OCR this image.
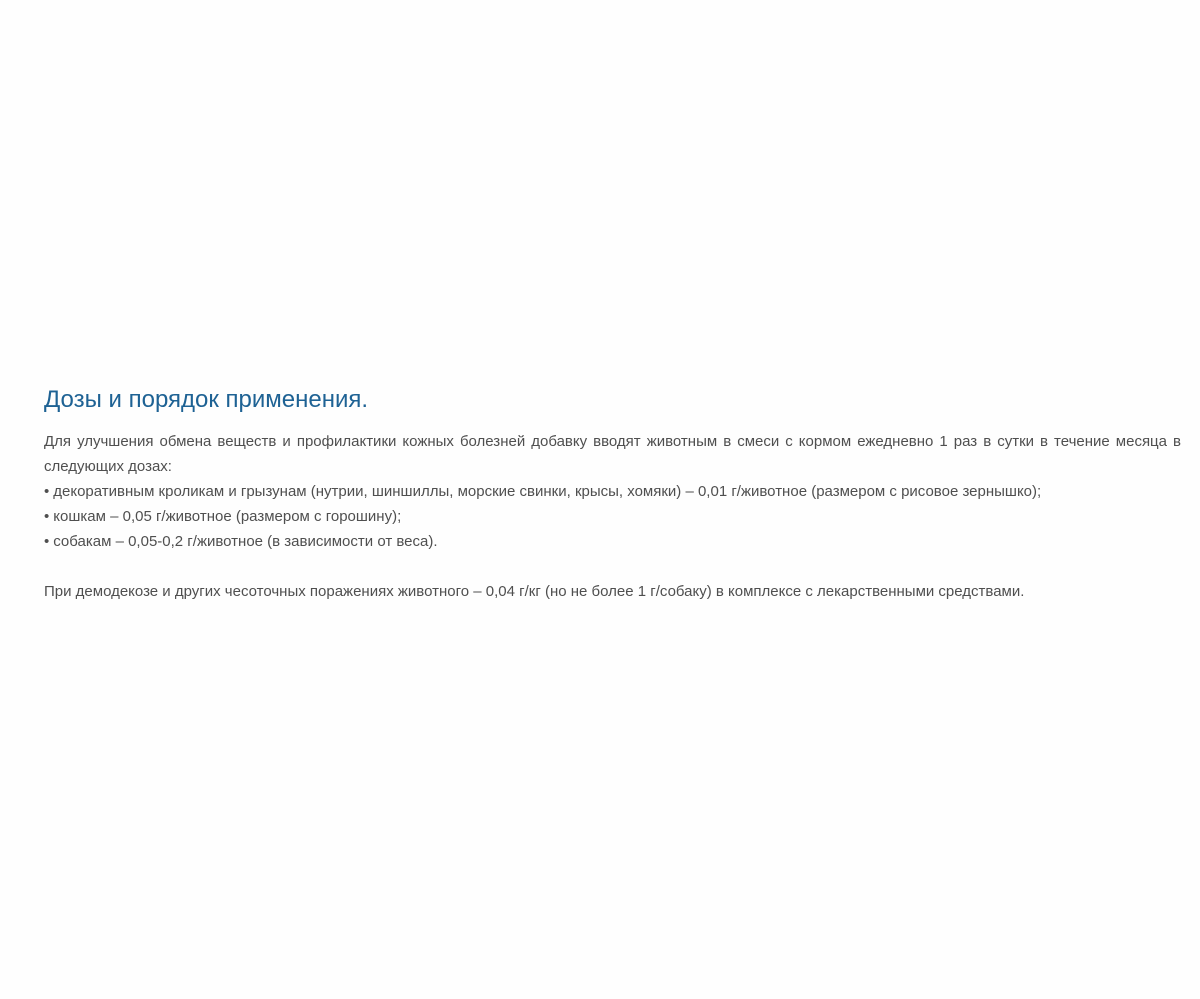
Дозы и порядок применения.

Для улучшения обмена веществ и профилактики кожных болезней добавку вводят животным в смеси с кормом ежедневно 1 раз в сутки в течение месяца в следующих дозах:

• декоративным кроликам и грызунам (нутрии, шиншиллы, морские свинки, крысы, хомяки) – 0,01 г/животное (размером с рисовое зернышко);
• кошкам – 0,05 г/животное (размером с горошину);
• собакам – 0,05-0,2 г/животное (в зависимости от веса).

При демодекозе и других чесоточных поражениях животного – 0,04 г/кг (но не более 1 г/собаку) в комплексе с лекарственными средствами.
